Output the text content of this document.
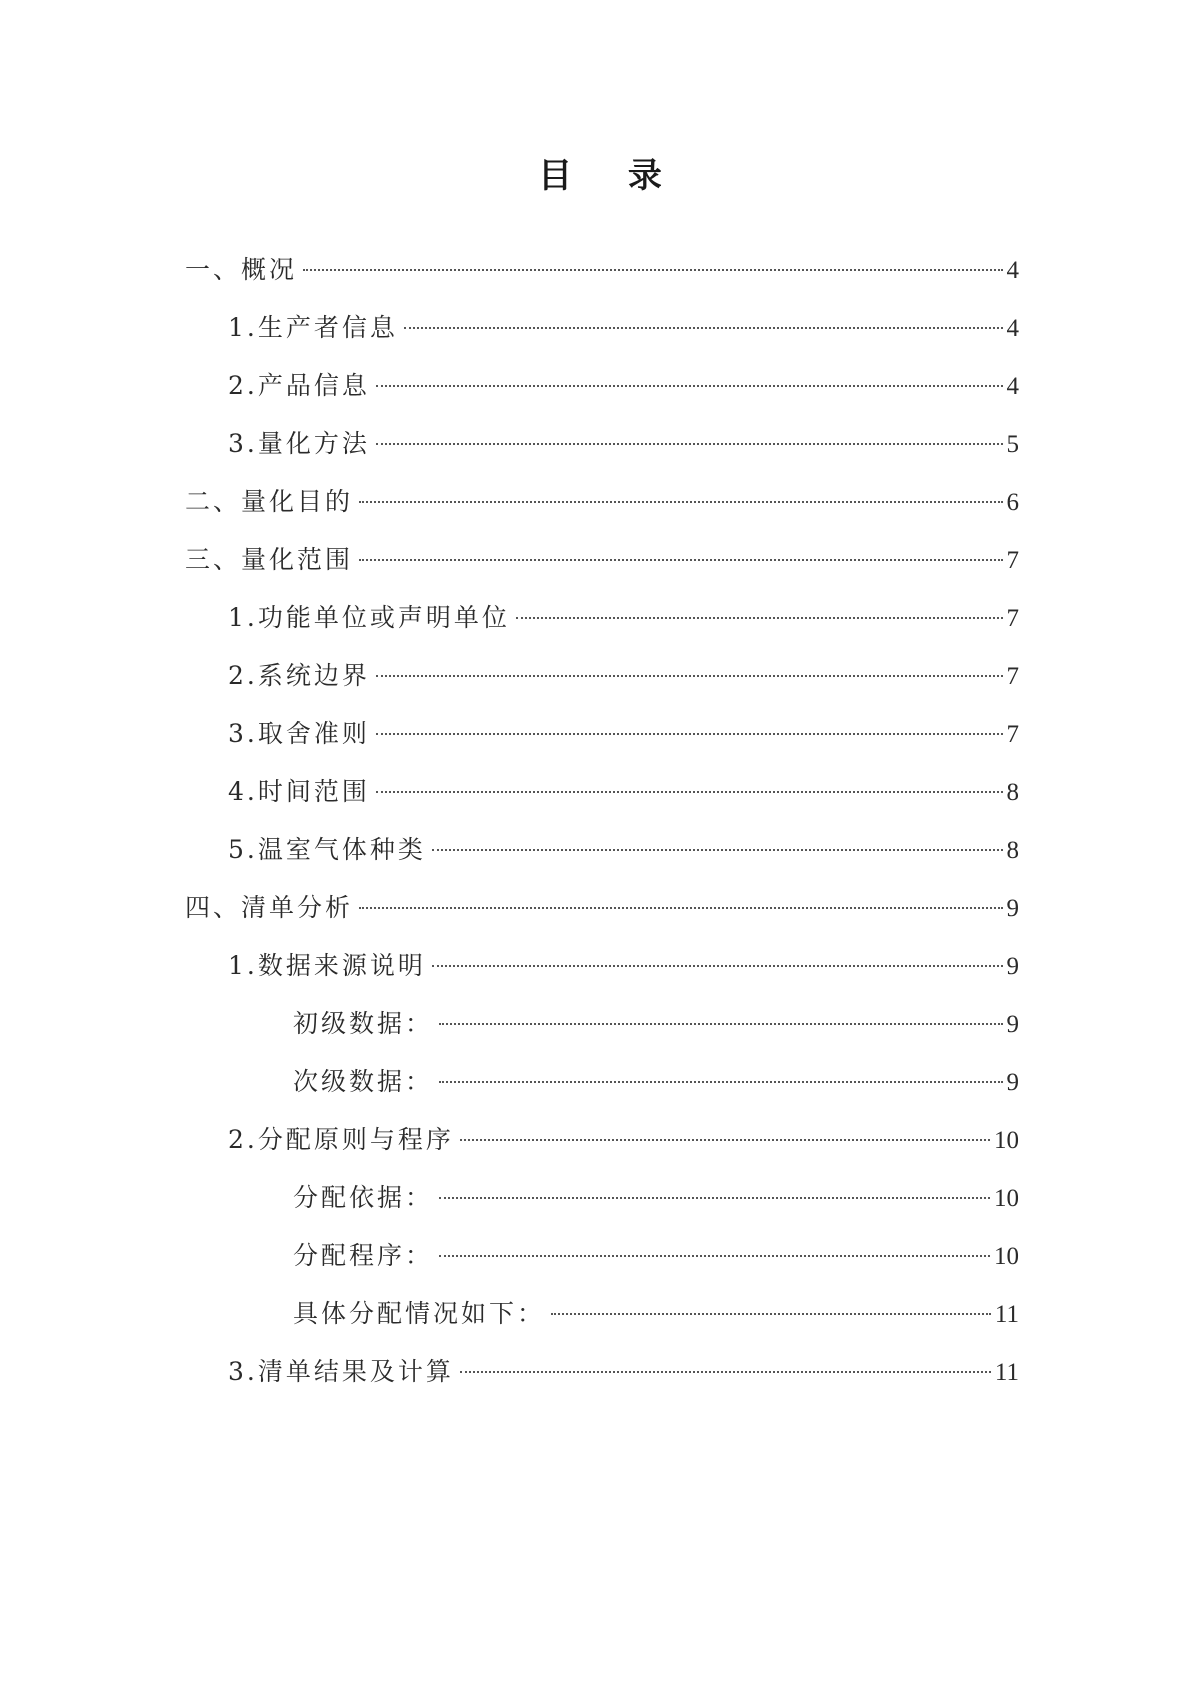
目 录
一、概况	4
1.生产者信息	4
2.产品信息	4
3.量化方法	5
二、量化目的	6
三、量化范围	7
1.功能单位或声明单位	7
2.系统边界	7
3.取舍准则	7
4.时间范围	8
5.温室气体种类	8
四、清单分析	9
1.数据来源说明	9
初级数据：	9
次级数据：	9
2.分配原则与程序	10
分配依据：	10
分配程序：	10
具体分配情况如下：	11
3.清单结果及计算	11
